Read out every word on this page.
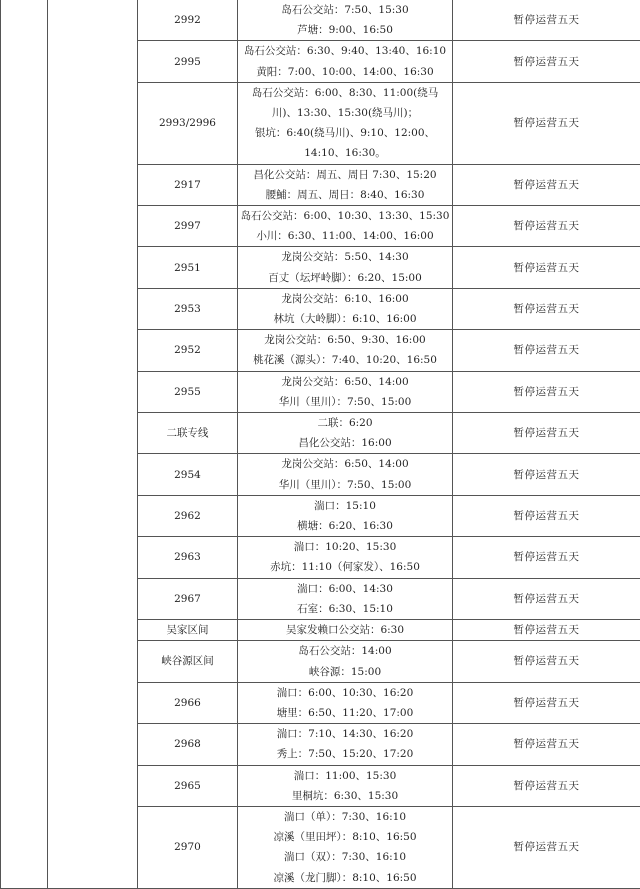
		2992	岛石公交站：7:50、15:30
芦塘：9:00、16:50	暂停运营五天
		2995	岛石公交站：6:30、9:40、13:40、16:10
黄阳：7:00、10:00、14:00、16:30	暂停运营五天
		2993/2996	岛石公交站：6:00、8:30、11:00(绕马
川)、13:30、15:30(绕马川)；
银坑：6:40(绕马川)、9:10、12:00、
14:10、16:30。	暂停运营五天
		2917	昌化公交站：周五、周日 7:30、15:20
腰鯆：周五、周日：8:40、16:30	暂停运营五天
		2997	岛石公交站：6:00、10:30、13:30、15:30
小川：6:30、11:00、14:00、16:00	暂停运营五天
		2951	龙岗公交站：5:50、14:30
百丈（坛坪岭脚）：6:20、15:00	暂停运营五天
		2953	龙岗公交站：6:10、16:00
林坑（大岭脚）：6:10、16:00	暂停运营五天
		2952	龙岗公交站：6:50、9:30、16:00
桃花溪（源头）：7:40、10:20、16:50	暂停运营五天
		2955	龙岗公交站：6:50、14:00
华川（里川）：7:50、15:00	暂停运营五天
		二联专线	二联：6:20
昌化公交站：16:00	暂停运营五天
		2954	龙岗公交站：6:50、14:00
华川（里川）：7:50、15:00	暂停运营五天
		2962	湍口：15:10
横塘：6:20、16:30	暂停运营五天
		2963	湍口：10:20、15:30
赤坑：11:10（何家发）、16:50	暂停运营五天
		2967	湍口：6:00、14:30
石室：6:30、15:10	暂停运营五天
		吴家区间	吴家发赖口公交站：6:30	暂停运营五天
		峡谷源区间	岛石公交站：14:00
峡谷源：15:00	暂停运营五天
		2966	湍口：6:00、10:30、16:20
塘里：6:50、11:20、17:00	暂停运营五天
		2968	湍口：7:10、14:30、16:20
秀上：7:50、15:20、17:20	暂停运营五天
		2965	湍口：11:00、15:30
里桐坑：6:30、15:30	暂停运营五天
		2970	湍口（单）：7:30、16:10
凉溪（里田坪）：8:10、16:50
湍口（双）：7:30、16:10
凉溪（龙门脚）：8:10、16:50	暂停运营五天
